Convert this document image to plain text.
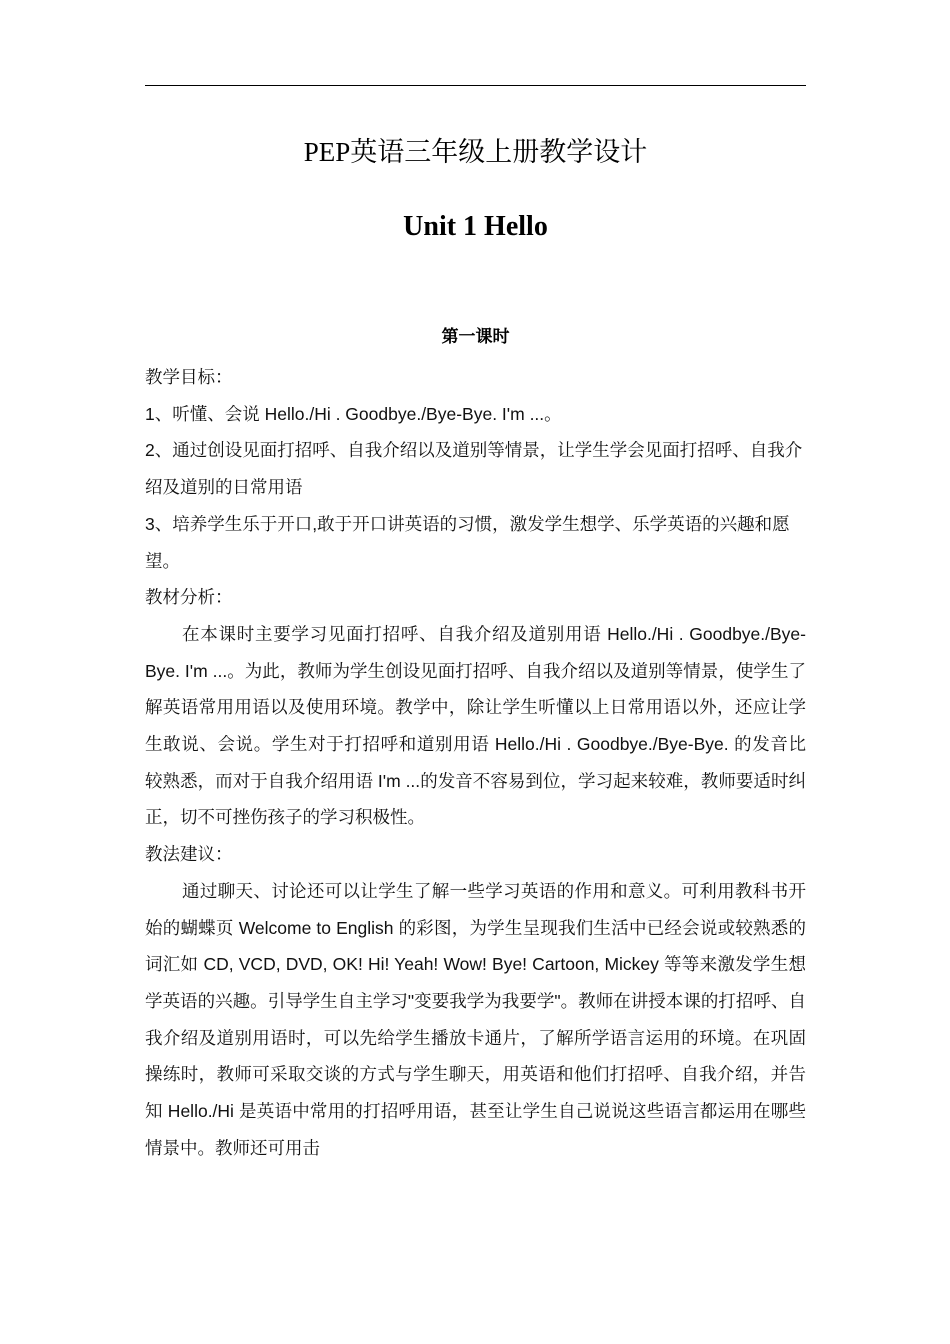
PEP英语三年级上册教学设计
Unit 1 Hello
第一课时

教学目标：

1、听懂、会说 Hello./Hi . Goodbye./Bye-Bye. I'm ...。

2、通过创设见面打招呼、自我介绍以及道别等情景，让学生学会见面打招呼、自我介绍及道别的日常用语

3、培养学生乐于开口,敢于开口讲英语的习惯，激发学生想学、乐学英语的兴趣和愿望。

教材分析：

在本课时主要学习见面打招呼、自我介绍及道别用语 Hello./Hi . Goodbye./Bye-Bye. I'm ...。为此，教师为学生创设见面打招呼、自我介绍以及道别等情景，使学生了解英语常用用语以及使用环境。教学中，除让学生听懂以上日常用语以外，还应让学生敢说、会说。学生对于打招呼和道别用语 Hello./Hi . Goodbye./Bye-Bye. 的发音比较熟悉，而对于自我介绍用语 I'm ...的发音不容易到位，学习起来较难，教师要适时纠正，切不可挫伤孩子的学习积极性。

教法建议：

通过聊天、讨论还可以让学生了解一些学习英语的作用和意义。可利用教科书开始的蝴蝶页 Welcome to English 的彩图，为学生呈现我们生活中已经会说或较熟悉的词汇如 CD, VCD, DVD, OK! Hi! Yeah! Wow! Bye! Cartoon, Mickey 等等来激发学生想学英语的兴趣。引导学生自主学习"变要我学为我要学"。教师在讲授本课的打招呼、自我介绍及道别用语时，可以先给学生播放卡通片，了解所学语言运用的环境。在巩固操练时，教师可采取交谈的方式与学生聊天，用英语和他们打招呼、自我介绍，并告知 Hello./Hi 是英语中常用的打招呼用语，甚至让学生自己说说这些语言都运用在哪些情景中。教师还可用击
